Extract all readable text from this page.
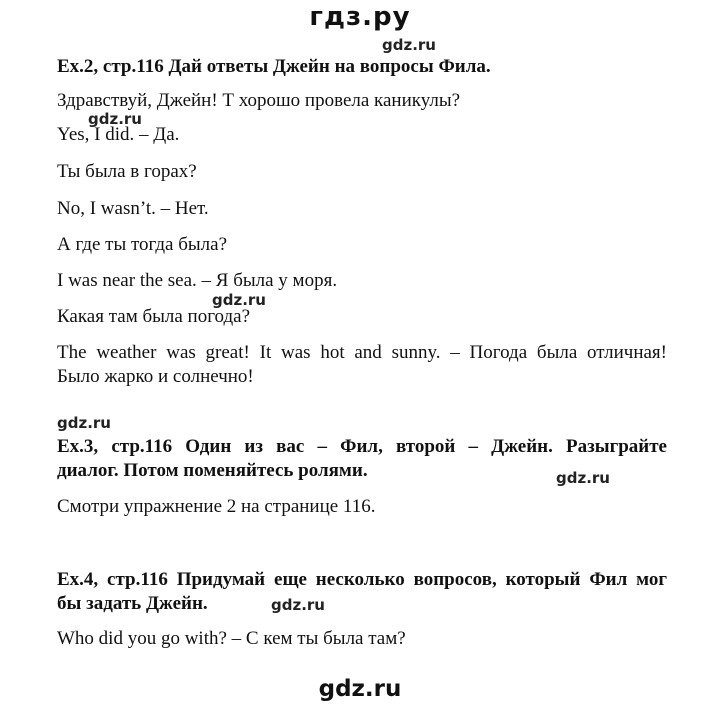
гдз.ру
gdz.ru
Ex.2, стр.116 Дай ответы Джейн на вопросы Фила.
Здравствуй, Джейн! Т хорошо провела каникулы?
gdz.ru
Yes, I did. – Да.
Ты была в горах?
No, I wasn’t. – Нет.
А где ты тогда была?
I was near the sea. – Я была у моря.
gdz.ru
Какая там была погода?
The weather was great! It was hot and sunny. – Погода была отличная!
Было жарко и солнечно!
gdz.ru
Ex.3, стр.116 Один из вас – Фил, второй – Джейн. Разыграйте
диалог. Потом поменяйтесь ролями.	gdz.ru
Смотри упражнение 2 на странице 116.
Ex.4, стр.116 Придумай еще несколько вопросов, который Фил мог
бы задать Джейн.	gdz.ru
Who did you go with? – С кем ты была там?
gdz.ru
